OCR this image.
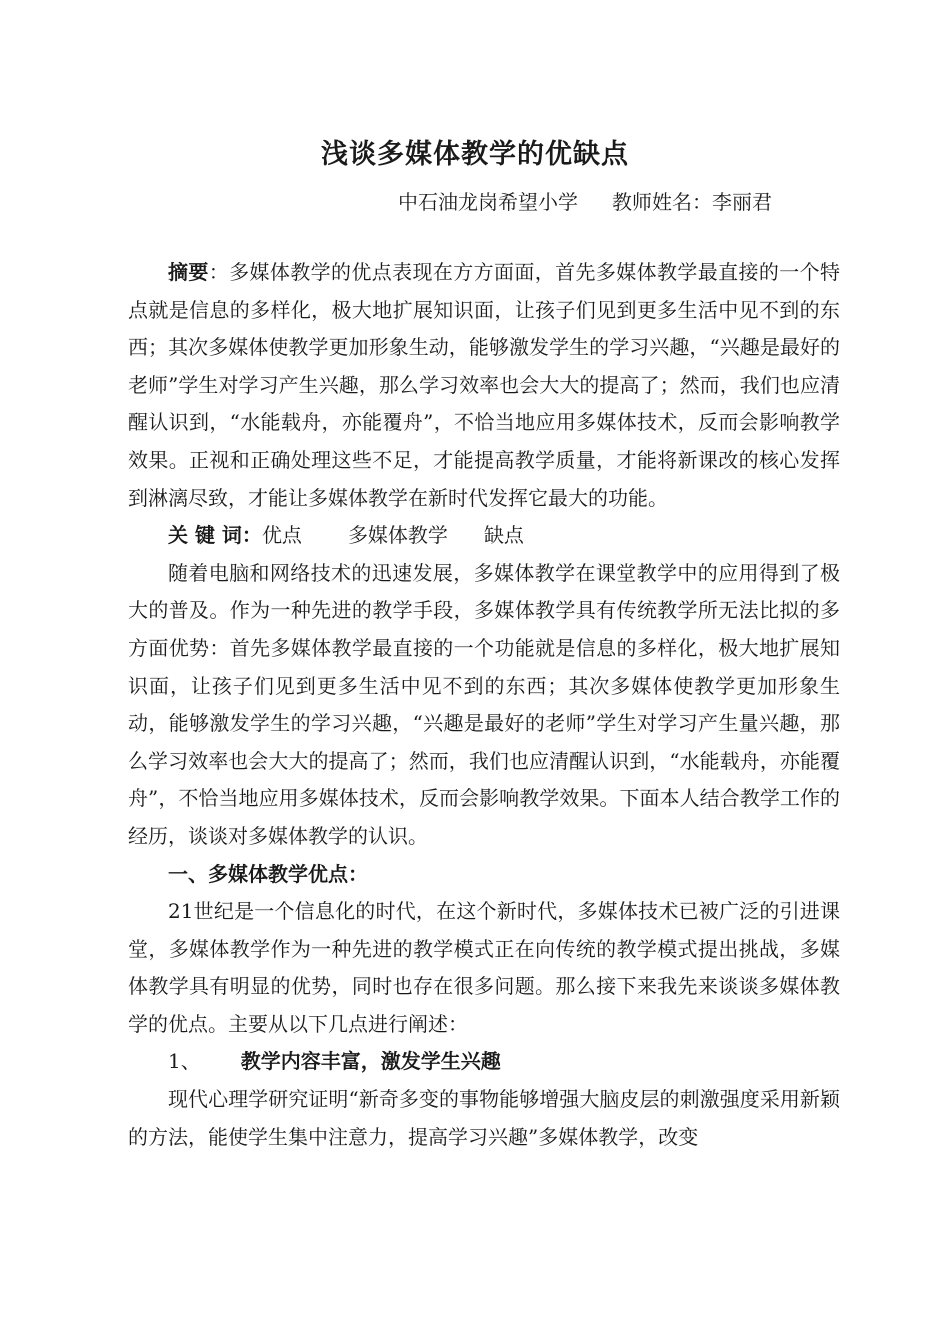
浅谈多媒体教学的优缺点
中石油龙岗希望小学 教师姓名：李丽君

摘要：多媒体教学的优点表现在方方面面，首先多媒体教学最直接的一个特点就是信息的多样化，极大地扩展知识面，让孩子们见到更多生活中见不到的东西；其次多媒体使教学更加形象生动，能够激发学生的学习兴趣，“兴趣是最好的老师”学生对学习产生兴趣，那么学习效率也会大大的提高了；然而，我们也应清醒认识到，“水能载舟，亦能覆舟”，不恰当地应用多媒体技术，反而会影响教学效果。正视和正确处理这些不足，才能提高教学质量，才能将新课改的核心发挥到淋漓尽致，才能让多媒体教学在新时代发挥它最大的功能。

关 键 词：优点 多媒体教学 缺点

随着电脑和网络技术的迅速发展，多媒体教学在课堂教学中的应用得到了极大的普及。作为一种先进的教学手段，多媒体教学具有传统教学所无法比拟的多方面优势：首先多媒体教学最直接的一个功能就是信息的多样化，极大地扩展知识面，让孩子们见到更多生活中见不到的东西；其次多媒体使教学更加形象生动，能够激发学生的学习兴趣，“兴趣是最好的老师”学生对学习产生量兴趣，那么学习效率也会大大的提高了；然而，我们也应清醒认识到，“水能载舟，亦能覆舟”，不恰当地应用多媒体技术，反而会影响教学效果。下面本人结合教学工作的经历，谈谈对多媒体教学的认识。

一、多媒体教学优点：

21世纪是一个信息化的时代，在这个新时代，多媒体技术已被广泛的引进课堂，多媒体教学作为一种先进的教学模式正在向传统的教学模式提出挑战，多媒体教学具有明显的优势，同时也存在很多问题。那么接下来我先来谈谈多媒体教学的优点。主要从以下几点进行阐述：

1、 教学内容丰富，激发学生兴趣

现代心理学研究证明“新奇多变的事物能够增强大脑皮层的刺激强度采用新颖的方法，能使学生集中注意力，提高学习兴趣”多媒体教学，改变
